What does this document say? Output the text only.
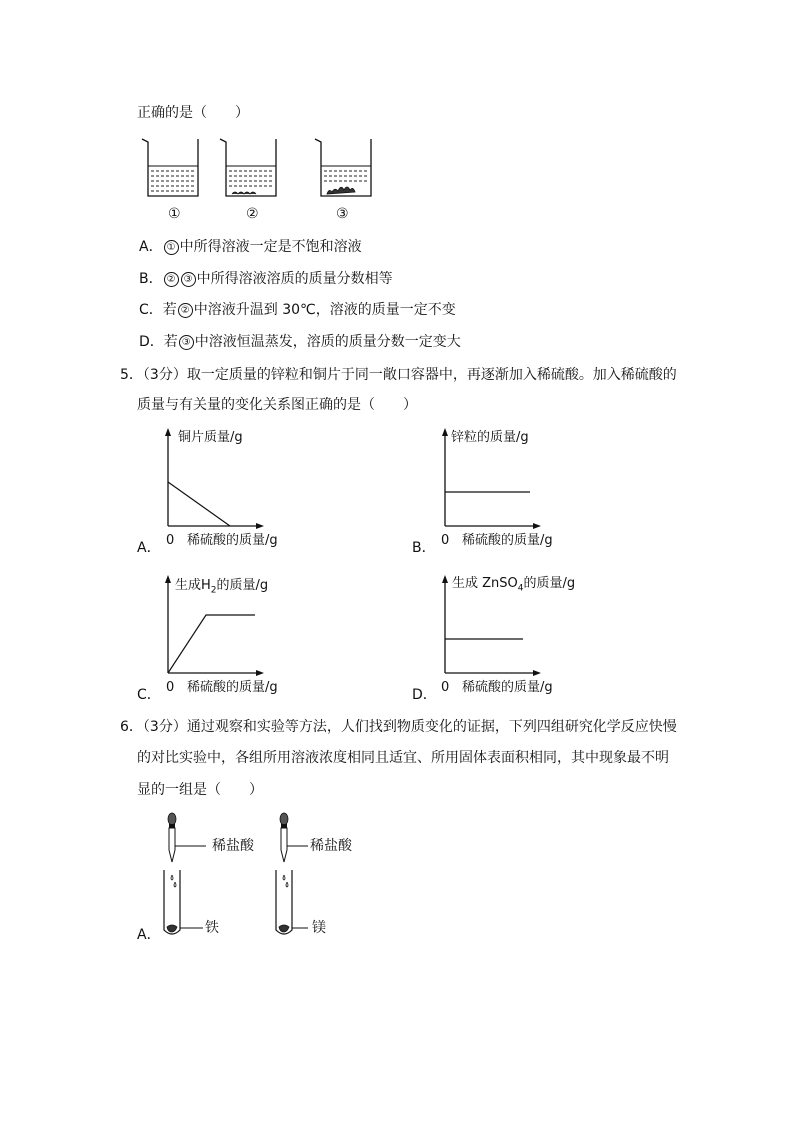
正确的是（　　）
①	②	③
A． ① 中所得溶液一定是不饱和溶液
B． ② ③ 中所得溶液溶质的质量分数相等
C．若 ② 中溶液升温到 30℃，溶液的质量一定不变
D．若 ③ 中溶液恒温蒸发，溶质的质量分数一定变大
5．（3分）取一定质量的锌粒和铜片于同一敞口容器中，再逐渐加入稀硫酸。加入稀硫酸的
质量与有关量的变化关系图正确的是（　　）
铜片质量/g
0 稀硫酸的质量/g
A．
锌粒的质量/g
0 稀硫酸的质量/g
B．
生成$H_2$的质量/g
0 稀硫酸的质量/g
C．
生成 ZnSO$_4$的质量/g
0 稀硫酸的质量/g
D．
6．（3分）通过观察和实验等方法，人们找到物质变化的证据，下列四组研究化学反应快慢
的对比实验中，各组所用溶液浓度相同且适宜、所用固体表面积相同，其中现象最不明
显的一组是（　　）
稀盐酸
铁
稀盐酸
镁
A．
